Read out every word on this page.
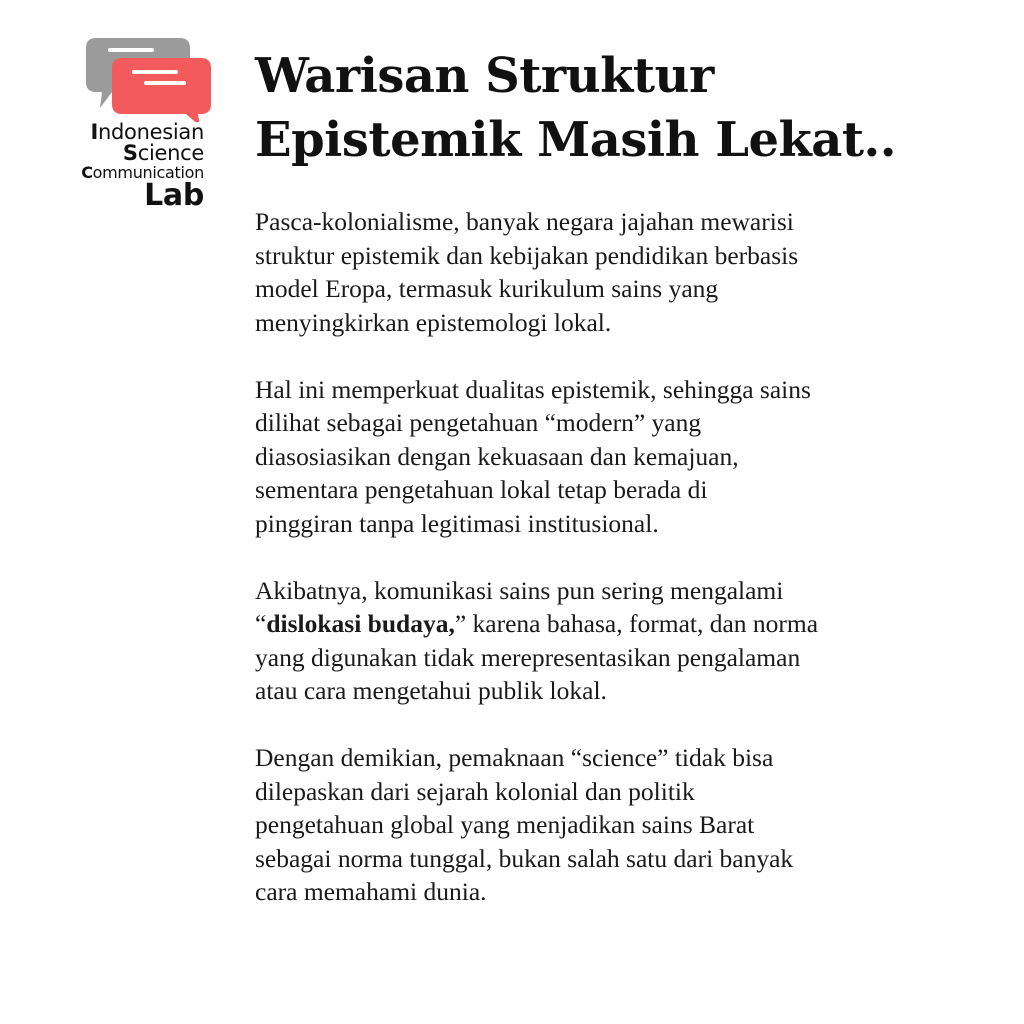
Indonesian
Science
Communication
Lab
Warisan Struktur
Epistemik Masih Lekat..

Pasca-kolonialisme, banyak negara jajahan mewarisi
struktur epistemik dan kebijakan pendidikan berbasis
model Eropa, termasuk kurikulum sains yang
menyingkirkan epistemologi lokal.

Hal ini memperkuat dualitas epistemik, sehingga sains
dilihat sebagai pengetahuan “modern” yang
diasosiasikan dengan kekuasaan dan kemajuan,
sementara pengetahuan lokal tetap berada di
pinggiran tanpa legitimasi institusional.

Akibatnya, komunikasi sains pun sering mengalami
“dislokasi budaya,” karena bahasa, format, dan norma
yang digunakan tidak merepresentasikan pengalaman
atau cara mengetahui publik lokal.

Dengan demikian, pemaknaan “science” tidak bisa
dilepaskan dari sejarah kolonial dan politik
pengetahuan global yang menjadikan sains Barat
sebagai norma tunggal, bukan salah satu dari banyak
cara memahami dunia.
